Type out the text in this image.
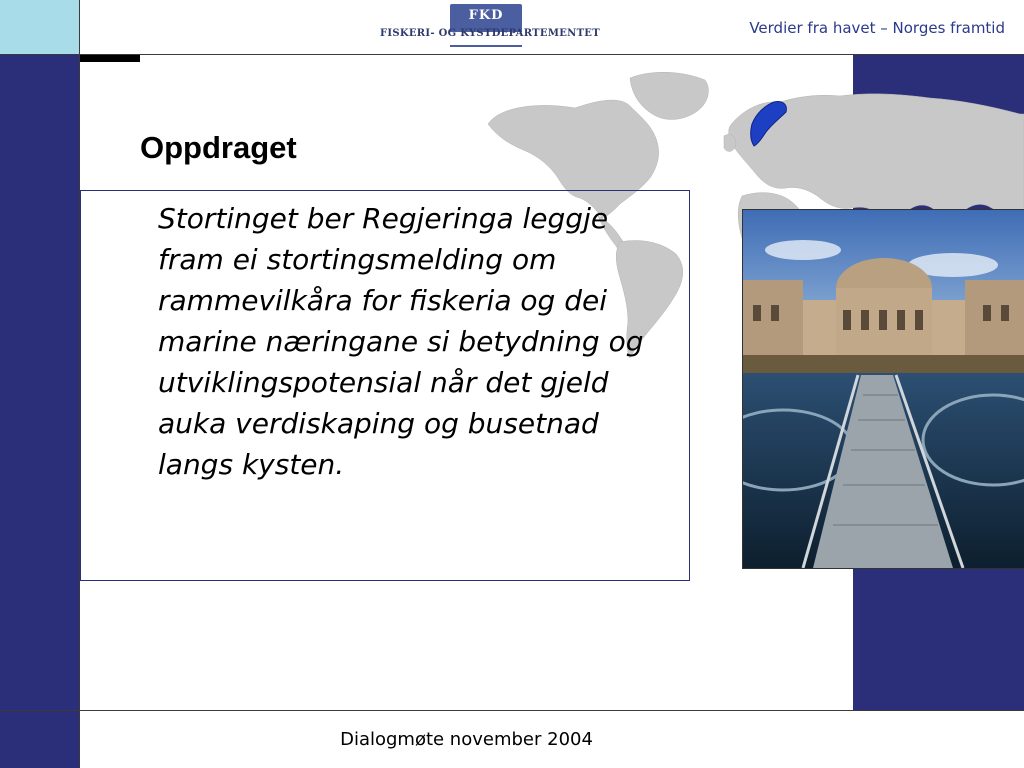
FKD
FISKERI- OG KYSTDEPARTEMENTET	Verdier fra havet – Norges framtid
Oppdraget
Stortinget ber Regjeringa leggje fram ei stortingsmelding om rammevilkåra for fiskeria og dei marine næringane si betydning og utviklingspotensial når det gjeld auka verdiskaping og busetnad langs kysten.
Dialogmøte november 2004
